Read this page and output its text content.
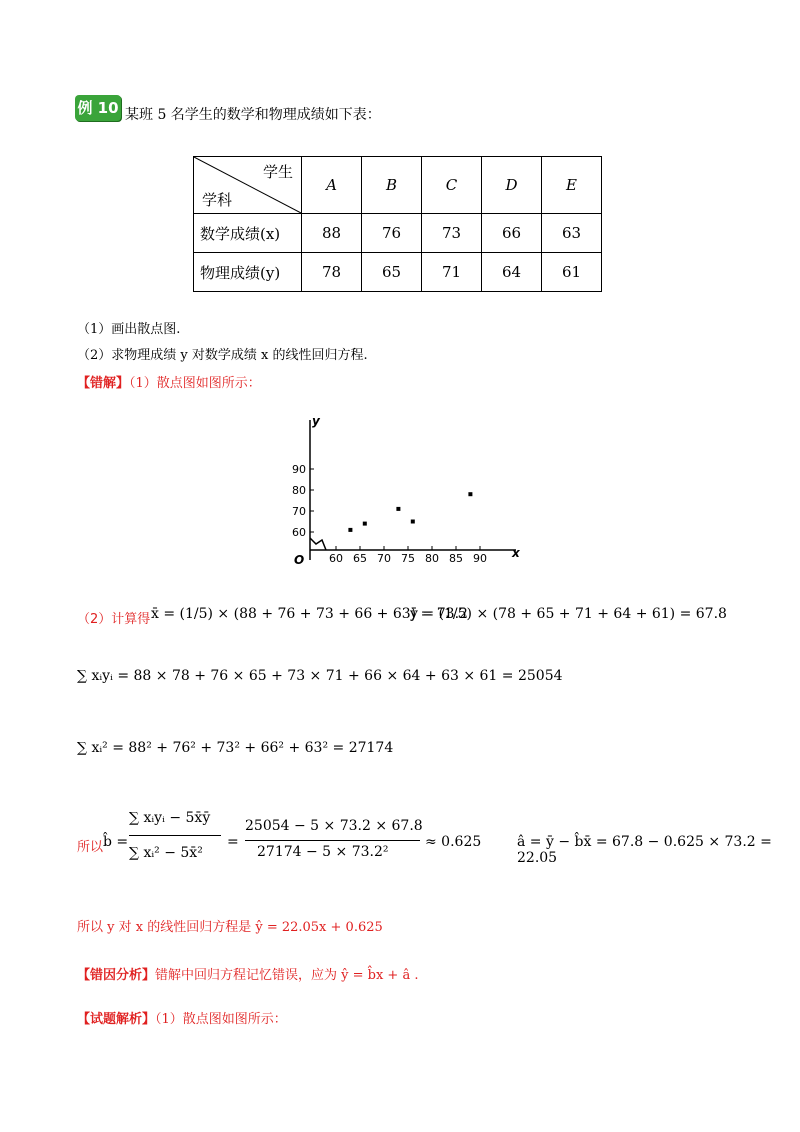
例 10 某班 5 名学生的数学和物理成绩如下表：
学生
学科	A	B	C	D	E
数学成绩(x)	88	76	73	66	63
物理成绩(y)	78	65	71	64	61
（1）画出散点图.
（2）求物理成绩 y 对数学成绩 x 的线性回归方程.
【错解】（1）散点图如图所示：
y
x
O 60 65 70 75 80 85 90
60
70
80
90
（2）计算得 x̄ = (1/5) × (88 + 76 + 73 + 66 + 63) = 73.2
ȳ = (1/5) × (78 + 65 + 71 + 64 + 61) = 67.8
∑ xᵢyᵢ = 88 × 78 + 76 × 65 + 73 × 71 + 66 × 64 + 63 × 61 = 25054
∑ xᵢ² = 88² + 76² + 73² + 66² + 63² = 27174
所以 b̂ =
∑ xᵢyᵢ − 5x̄ȳ
∑ xᵢ² − 5x̄²
=
25054 − 5 × 73.2 × 67.8
27174 − 5 × 73.2²
≈ 0.625	â = ȳ − b̂x̄ = 67.8 − 0.625 × 73.2 = 22.05
所以 y 对 x 的线性回归方程是 ŷ = 22.05x + 0.625
【错因分析】错解中回归方程记忆错误，应为 ŷ = b̂x + â .
【试题解析】（1）散点图如图所示：
